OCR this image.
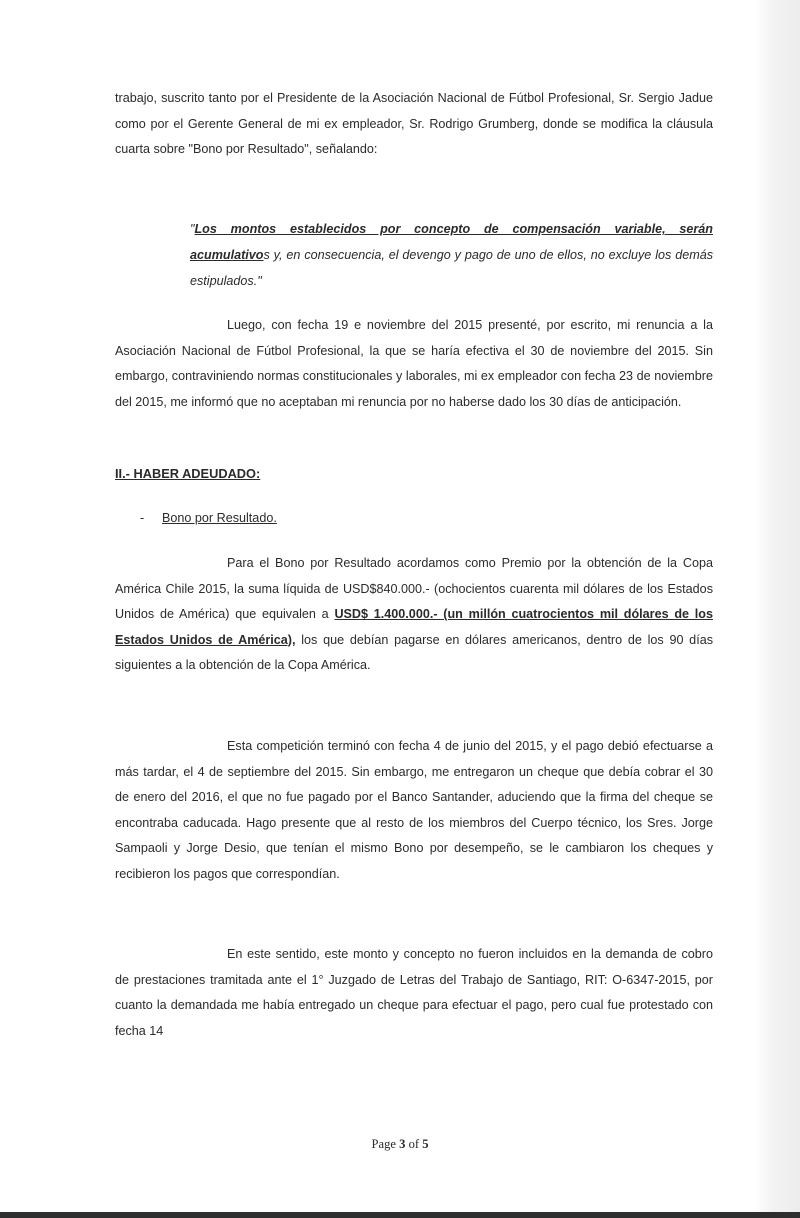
trabajo, suscrito tanto por el Presidente de la Asociación Nacional de Fútbol Profesional, Sr. Sergio Jadue como por el Gerente General de mi ex empleador, Sr. Rodrigo Grumberg, donde se modifica la cláusula cuarta sobre "Bono por Resultado", señalando:

"Los montos establecidos por concepto de compensación variable, serán acumulativos y, en consecuencia, el devengo y pago de uno de ellos, no excluye los demás estipulados."

Luego, con fecha 19 e noviembre del 2015 presenté, por escrito, mi renuncia a la Asociación Nacional de Fútbol Profesional, la que se haría efectiva el 30 de noviembre del 2015. Sin embargo, contraviniendo normas constitucionales y laborales, mi ex empleador con fecha 23 de noviembre del 2015, me informó que no aceptaban mi renuncia por no haberse dado los 30 días de anticipación.

II.- HABER ADEUDADO:
- Bono por Resultado.

Para el Bono por Resultado acordamos como Premio por la obtención de la Copa América Chile 2015, la suma líquida de USD$840.000.- (ochocientos cuarenta mil dólares de los Estados Unidos de América) que equivalen a USD$ 1.400.000.- (un millón cuatrocientos mil dólares de los Estados Unidos de América), los que debían pagarse en dólares americanos, dentro de los 90 días siguientes a la obtención de la Copa América.

Esta competición terminó con fecha 4 de junio del 2015, y el pago debió efectuarse a más tardar, el 4 de septiembre del 2015. Sin embargo, me entregaron un cheque que debía cobrar el 30 de enero del 2016, el que no fue pagado por el Banco Santander, aduciendo que la firma del cheque se encontraba caducada. Hago presente que al resto de los miembros del Cuerpo técnico, los Sres. Jorge Sampaoli y Jorge Desio, que tenían el mismo Bono por desempeño, se le cambiaron los cheques y recibieron los pagos que correspondían.

En este sentido, este monto y concepto no fueron incluidos en la demanda de cobro de prestaciones tramitada ante el 1° Juzgado de Letras del Trabajo de Santiago, RIT: O-6347-2015, por cuanto la demandada me había entregado un cheque para efectuar el pago, pero cual fue protestado con fecha 14

Page 3 of 5
